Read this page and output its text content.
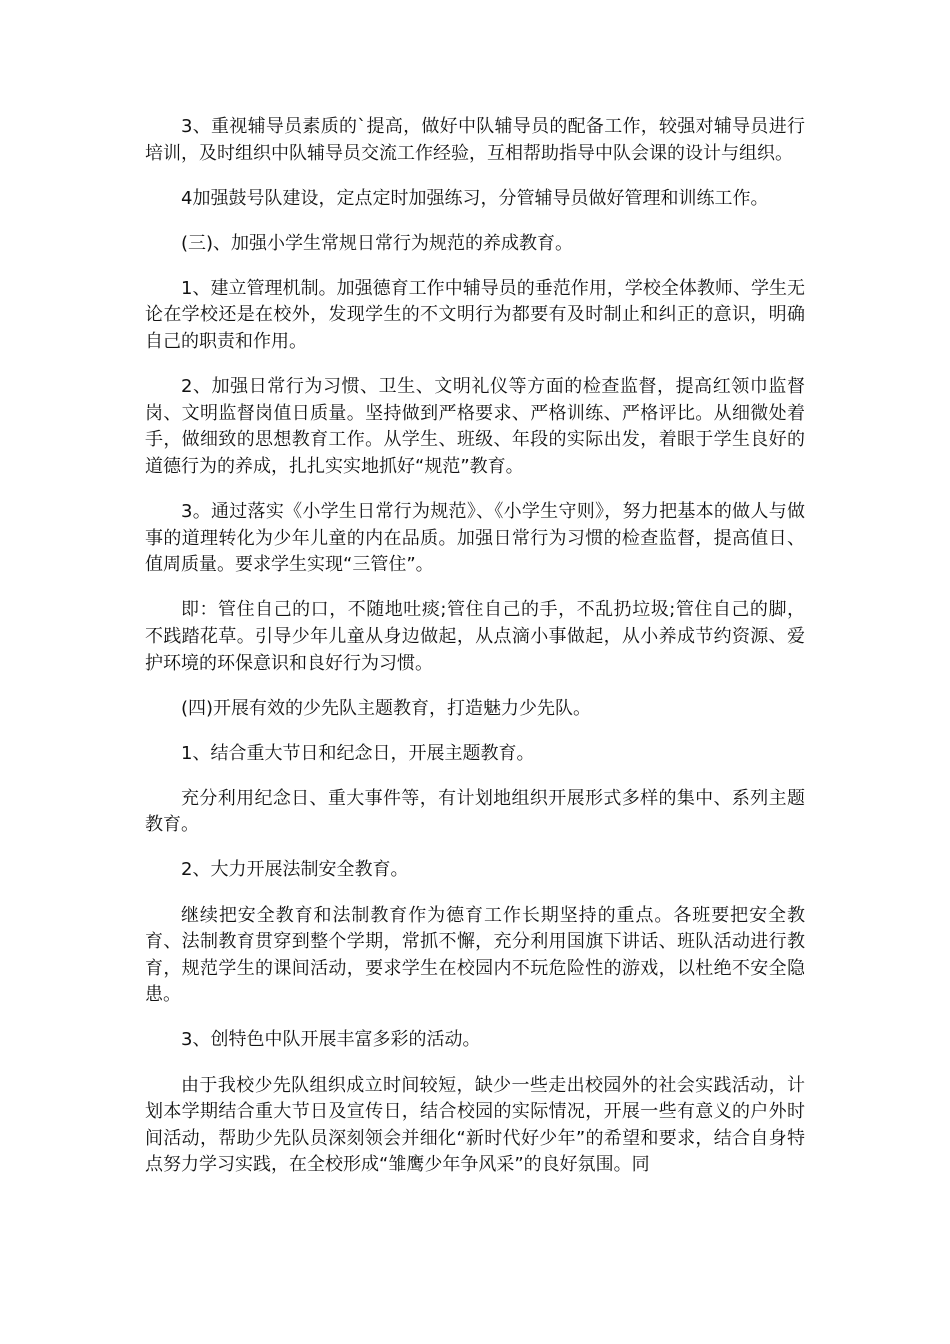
3、重视辅导员素质的`提高，做好中队辅导员的配备工作，较强对辅导员进行培训，及时组织中队辅导员交流工作经验，互相帮助指导中队会课的设计与组织。

4加强鼓号队建设，定点定时加强练习，分管辅导员做好管理和训练工作。

(三)、加强小学生常规日常行为规范的养成教育。

1、建立管理机制。加强德育工作中辅导员的垂范作用，学校全体教师、学生无论在学校还是在校外，发现学生的不文明行为都要有及时制止和纠正的意识，明确自己的职责和作用。

2、加强日常行为习惯、卫生、文明礼仪等方面的检查监督，提高红领巾监督岗、文明监督岗值日质量。坚持做到严格要求、严格训练、严格评比。从细微处着手，做细致的思想教育工作。从学生、班级、年段的实际出发，着眼于学生良好的道德行为的养成，扎扎实实地抓好“规范”教育。

3。通过落实《小学生日常行为规范》、《小学生守则》，努力把基本的做人与做事的道理转化为少年儿童的内在品质。加强日常行为习惯的检查监督，提高值日、值周质量。要求学生实现“三管住”。

即：管住自己的口，不随地吐痰;管住自己的手，不乱扔垃圾;管住自己的脚，不践踏花草。引导少年儿童从身边做起，从点滴小事做起，从小养成节约资源、爱护环境的环保意识和良好行为习惯。

(四)开展有效的少先队主题教育，打造魅力少先队。

1、结合重大节日和纪念日，开展主题教育。

充分利用纪念日、重大事件等，有计划地组织开展形式多样的集中、系列主题教育。

2、大力开展法制安全教育。

继续把安全教育和法制教育作为德育工作长期坚持的重点。各班要把安全教育、法制教育贯穿到整个学期，常抓不懈，充分利用国旗下讲话、班队活动进行教育，规范学生的课间活动，要求学生在校园内不玩危险性的游戏，以杜绝不安全隐患。

3、创特色中队开展丰富多彩的活动。

由于我校少先队组织成立时间较短，缺少一些走出校园外的社会实践活动，计划本学期结合重大节日及宣传日，结合校园的实际情况，开展一些有意义的户外时间活动，帮助少先队员深刻领会并细化“新时代好少年”的希望和要求，结合自身特点努力学习实践，在全校形成“雏鹰少年争风采”的良好氛围。同
